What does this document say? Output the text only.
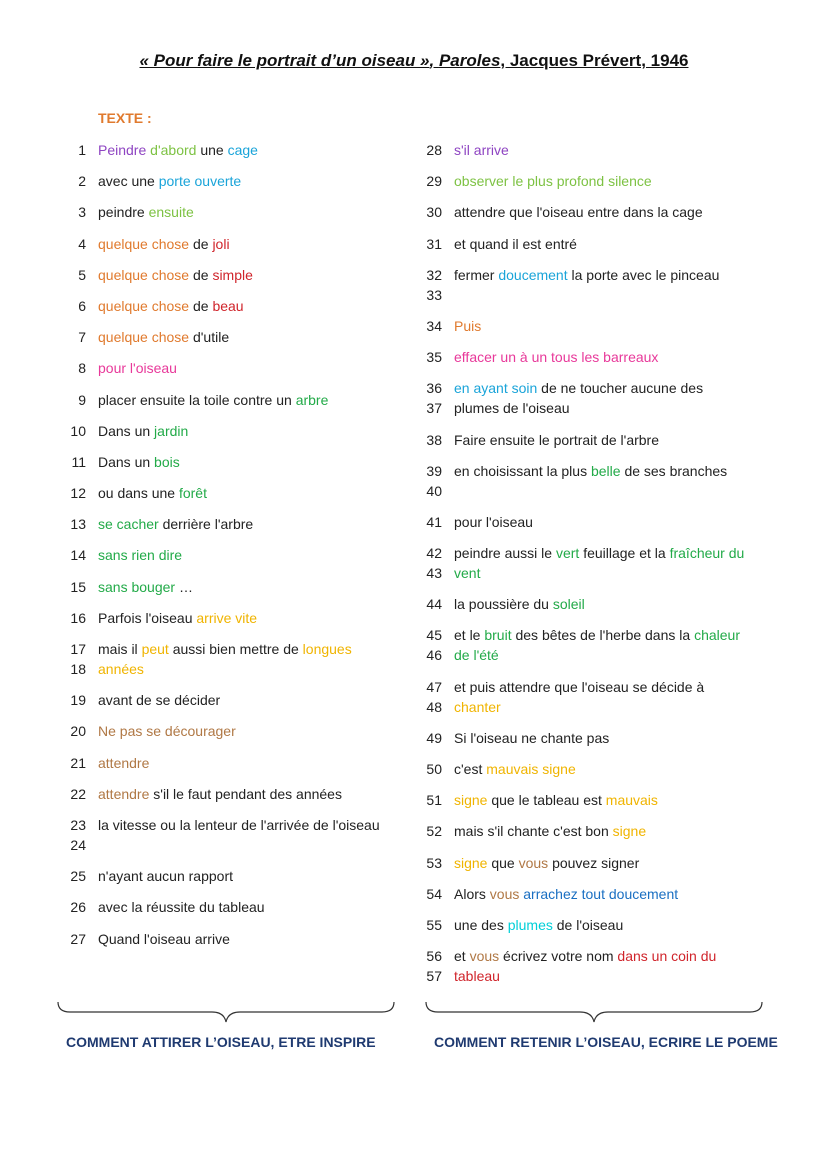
« Pour faire le portrait d’un oiseau », Paroles, Jacques Prévert, 1946
TEXTE :
1 Peindre d'abord une cage
2 avec une porte ouverte
3 peindre ensuite
4 quelque chose de joli
5 quelque chose de simple
6 quelque chose de beau
7 quelque chose d'utile
8 pour l'oiseau
9 placer ensuite la toile contre un arbre
10 Dans un jardin
11 Dans un bois
12 ou dans une forêt
13 se cacher derrière l'arbre
14 sans rien dire
15 sans bouger …
16 Parfois l'oiseau arrive vite
17
18
mais il peut aussi bien mettre de longues années
19 avant de se décider
20 Ne pas se décourager
21 attendre
22 attendre s'il le faut pendant des années
23
24
la vitesse ou la lenteur de l'arrivée de l'oiseau
25 n'ayant aucun rapport
26 avec la réussite du tableau
27 Quand l'oiseau arrive
28 s'il arrive
29 observer le plus profond silence
30 attendre que l'oiseau entre dans la cage
31 et quand il est entré
32
33
fermer doucement la porte avec le pinceau
34 Puis
35 effacer un à un tous les barreaux
36
37
en ayant soin de ne toucher aucune des plumes de l'oiseau
38 Faire ensuite le portrait de l'arbre
39
40
en choisissant la plus belle de ses branches
41 pour l'oiseau
42
43
peindre aussi le vert feuillage et la fraîcheur du vent
44 la poussière du soleil
45
46
et le bruit des bêtes de l'herbe dans la chaleur de l'été
47
48
et puis attendre que l'oiseau se décide à chanter
49 Si l'oiseau ne chante pas
50 c'est mauvais signe
51 signe que le tableau est mauvais
52 mais s'il chante c'est bon signe
53 signe que vous pouvez signer
54 Alors vous arrachez tout doucement
55 une des plumes de l'oiseau
56
57
et vous écrivez votre nom dans un coin du tableau
COMMENT ATTIRER L’OISEAU, ETRE INSPIRE	COMMENT RETENIR L’OISEAU, ECRIRE LE POEME
